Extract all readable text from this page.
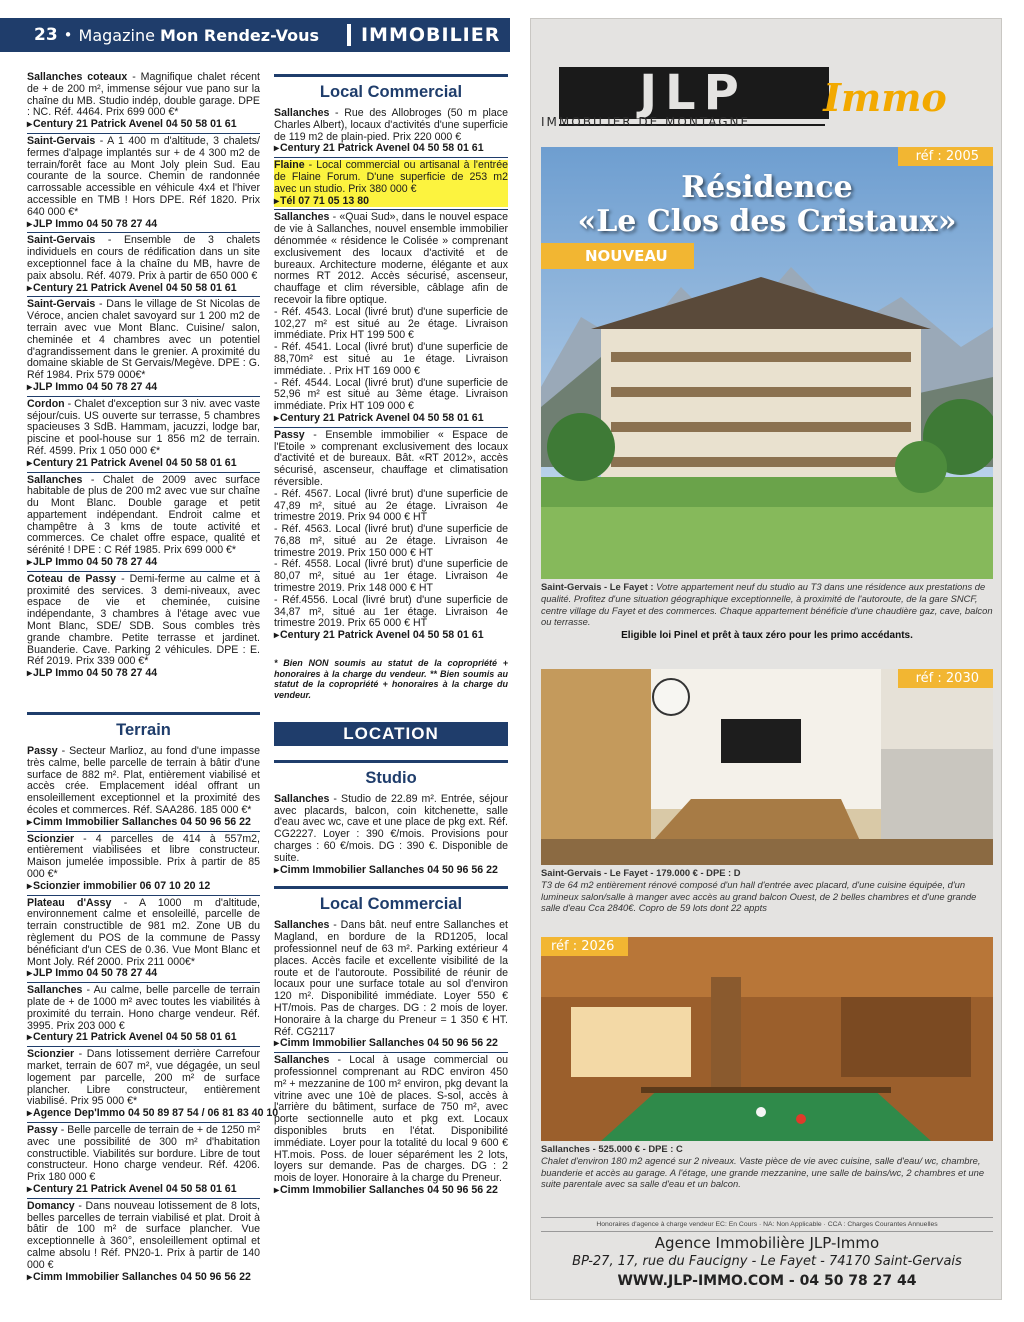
23 • Magazine Mon Rendez-Vous IMMOBILIER
Sallanches coteaux - Magnifique chalet récent de + de 200 m², immense séjour vue pano sur la chaîne du MB. Studio indép, double garage. DPE : NC. Réf. 4464. Prix 699 000 €*
▸ Century 21 Patrick Avenel 04 50 58 01 61
Saint-Gervais - A 1 400 m d'altitude, 3 chalets/ fermes d'alpage implantés sur + de 4 300 m2 de terrain/forêt face au Mont Joly plein Sud. Eau courante de la source. Chemin de randonnée carrossable accessible en véhicule 4x4 et l'hiver accessible en TMB ! Hors DPE. Réf 1820. Prix 640 000 €*
▸ JLP Immo 04 50 78 27 44
Saint-Gervais - Ensemble de 3 chalets individuels en cours de rédification dans un site exceptionnel face à la chaîne du MB, havre de paix absolu. Réf. 4079. Prix à partir de 650 000 €
▸ Century 21 Patrick Avenel 04 50 58 01 61
Saint-Gervais - Dans le village de St Nicolas de Véroce, ancien chalet savoyard sur 1 200 m2 de terrain avec vue Mont Blanc. Cuisine/ salon, cheminée et 4 chambres avec un potentiel d'agrandissement dans le grenier. A proximité du domaine skiable de St Gervais/Megève. DPE : G. Réf 1984. Prix 579 000€*
▸ JLP Immo 04 50 78 27 44
Cordon - Chalet d'exception sur 3 niv. avec vaste séjour/cuis. US ouverte sur terrasse, 5 chambres spacieuses 3 SdB. Hammam, jacuzzi, lodge bar, piscine et pool-house sur 1 856 m2 de terrain. Réf. 4599. Prix 1 050 000 €*
▸ Century 21 Patrick Avenel 04 50 58 01 61
Sallanches - Chalet de 2009 avec surface habitable de plus de 200 m2 avec vue sur chaîne du Mont Blanc. Double garage et petit appartement indépendant. Endroit calme et champêtre à 3 kms de toute activité et commerces. Ce chalet offre espace, qualité et sérénité ! DPE : C Réf 1985. Prix 699 000 €*
▸ JLP Immo 04 50 78 27 44
Coteau de Passy - Demi-ferme au calme et à proximité des services. 3 demi-niveaux, avec espace de vie et cheminée, cuisine indépendante, 3 chambres à l'étage avec vue Mont Blanc, SDE/ SDB. Sous combles très grande chambre. Petite terrasse et jardinet. Buanderie. Cave. Parking 2 véhicules. DPE : E. Réf 2019. Prix 339 000 €*
▸ JLP Immo 04 50 78 27 44
Terrain
Passy - Secteur Marlioz, au fond d'une impasse très calme, belle parcelle de terrain à bâtir d'une surface de 882 m². Plat, entièrement viabilisé et accès crée. Emplacement idéal offrant un ensoleillement exceptionnel et la proximité des écoles et commerces. Réf. SAA286. 185 000 €*
▸ Cimm Immobilier Sallanches 04 50 96 56 22
Scionzier - 4 parcelles de 414 à 557m2, entièrement viabilisées et libre constructeur. Maison jumelée impossible. Prix à partir de 85 000 €*
▸ Scionzier immobilier 06 07 10 20 12
Plateau d'Assy - A 1000 m d'altitude, environnement calme et ensoleillé, parcelle de terrain constructible de 981 m2. Zone UB du règlement du POS de la commune de Passy bénéficiant d'un CES de 0.36. Vue Mont Blanc et Mont Joly. Réf 2000. Prix 211 000€*
▸ JLP Immo 04 50 78 27 44
Sallanches - Au calme, belle parcelle de terrain plate de + de 1000 m² avec toutes les viabilités à proximité du terrain. Hono charge vendeur. Réf. 3995. Prix 203 000 €
▸ Century 21 Patrick Avenel 04 50 58 01 61
Scionzier - Dans lotissement derrière Carrefour market, terrain de 607 m², vue dégagée, un seul logement par parcelle, 200 m² de surface plancher. Libre constructeur, entièrement viabilisé. Prix 95 000 €*
▸ Agence Dep'Immo 04 50 89 87 54 / 06 81 83 40 10
Passy - Belle parcelle de terrain de + de 1250 m² avec une possibilité de 300 m² d'habitation constructible. Viabilités sur bordure. Libre de tout constructeur. Hono charge vendeur. Réf. 4206. Prix 180 000 €
▸ Century 21 Patrick Avenel 04 50 58 01 61
Domancy - Dans nouveau lotissement de 8 lots, belles parcelles de terrain viabilisé et plat. Droit à bâtir de 100 m² de surface plancher. Vue exceptionnelle à 360°, ensoleillement optimal et calme absolu ! Réf. PN20-1. Prix à partir de 140 000 €
▸ Cimm Immobilier Sallanches 04 50 96 56 22
Local Commercial
Sallanches - Rue des Allobroges (50 m place Charles Albert), locaux d'activités d'une superficie de 119 m2 de plain-pied. Prix 220 000 €
▸ Century 21 Patrick Avenel 04 50 58 01 61
Flaine - Local commercial ou artisanal à l'entrée de Flaine Forum. D'une superficie de 253 m2 avec un studio. Prix 380 000 €
▸ Tél 07 71 05 13 80
Sallanches - «Quai Sud», dans le nouvel espace de vie à Sallanches, nouvel ensemble immobilier dénommée « résidence le Colisée » comprenant exclusivement des locaux d'activité et de bureaux. Architecture moderne, élégante et aux normes RT 2012. Accès sécurisé, ascenseur, chauffage et clim réversible, câblage afin de recevoir la fibre optique.
- Réf. 4543. Local (livré brut) d'une superficie de 102,27 m² est situé au 2e étage. Livraison immédiate. Prix HT 199 500 €
- Réf. 4541. Local (livré brut) d'une superficie de 88,70m² est situé au 1e étage. Livraison immédiate. . Prix HT 169 000 €
- Réf. 4544. Local (livré brut) d'une superficie de 52,96 m² est situé au 3ème étage. Livraison immédiate. Prix HT 109 000 €
▸ Century 21 Patrick Avenel 04 50 58 01 61
Passy - Ensemble immobilier « Espace de l'Etoile » comprenant exclusivement des locaux d'activité et de bureaux. Bât. «RT 2012», accès sécurisé, ascenseur, chauffage et climatisation réversible.
- Réf. 4567. Local (livré brut) d'une superficie de 47,89 m², situé au 2e étage. Livraison 4e trimestre 2019. Prix 94 000 € HT
- Réf. 4563. Local (livré brut) d'une superficie de 76,88 m², situé au 2e étage. Livraison 4e trimestre 2019. Prix 150 000 € HT
- Réf. 4558. Local (livré brut) d'une superficie de 80,07 m², situé au 1er étage. Livraison 4e trimestre 2019. Prix 148 000 € HT
- Réf.4556. Local (livré brut) d'une superficie de 34,87 m², situé au 1er étage. Livraison 4e trimestre 2019. Prix 65 000 € HT
▸ Century 21 Patrick Avenel 04 50 58 01 61
* Bien NON soumis au statut de la copropriété + honoraires à la charge du vendeur. ** Bien soumis au statut de la copropriété + honoraires à la charge du vendeur.
LOCATION
Studio
Sallanches - Studio de 22.89 m². Entrée, séjour avec placards, balcon, coin kitchenette, salle d'eau avec wc, cave et une place de pkg ext. Réf. CG2227. Loyer : 390 €/mois. Provisions pour charges : 60 €/mois. DG : 390 €. Disponible de suite.
▸ Cimm Immobilier Sallanches 04 50 96 56 22
Local Commercial
Sallanches - Dans bât. neuf entre Sallanches et Magland, en bordure de la RD1205, local professionnel neuf de 63 m². Parking extérieur 4 places. Accès facile et excellente visibilité de la route et de l'autoroute. Possibilité de réunir de locaux pour une surface totale au sol d'environ 120 m². Disponibilité immédiate. Loyer 550 € HT/mois. Pas de charges. DG : 2 mois de loyer. Honoraire à la charge du Preneur = 1 350 € HT. Réf. CG2117
▸ Cimm Immobilier Sallanches 04 50 96 56 22
Sallanches - Local à usage commercial ou professionnel comprenant au RDC environ 450 m² + mezzanine de 100 m² environ, pkg devant la vitrine avec une 10è de places. S-sol, accès à l'arrière du bâtiment, surface de 750 m², avec porte sectionnelle auto et pkg ext. Locaux disponibles bruts en l'état. Disponibilité immédiate. Loyer pour la totalité du local 9 600 € HT.mois. Poss. de louer séparément les 2 lots, loyers sur demande. Pas de charges. DG : 2 mois de loyer. Honoraire à la charge du Preneur.
▸ Cimm Immobilier Sallanches 04 50 96 56 22
JLP Immo
IMMOBILIER DE MONTAGNE
réf : 2005
Résidence
«Le Clos des Cristaux»
NOUVEAU
Saint-Gervais - Le Fayet : Votre appartement neuf du studio au T3 dans une résidence aux prestations de qualité. Profitez d'une situation géographique exceptionnelle, à proximité de l'autoroute, de la gare SNCF, centre village du Fayet et des commerces. Chaque appartement bénéficie d'une chaudière gaz, cave, balcon ou terrasse.
Eligible loi Pinel et prêt à taux zéro pour les primo accédants.
réf : 2030
Saint-Gervais - Le Fayet - 179.000 € - DPE : D
T3 de 64 m2 entièrement rénové composé d'un hall d'entrée avec placard, d'une cuisine équipée, d'un lumineux salon/salle à manger avec accès au grand balcon Ouest, de 2 belles chambres et d'une grande salle d'eau Cca 2840€. Copro de 59 lots dont 22 appts
réf : 2026
Sallanches - 525.000 € - DPE : C
Chalet d'environ 180 m2 agencé sur 2 niveaux. Vaste pièce de vie avec cuisine, salle d'eau/ wc, chambre, buanderie et accès au garage. A l'étage, une grande mezzanine, une salle de bains/wc, 2 chambres et une suite parentale avec sa salle d'eau et un balcon.
Honoraires d'agence à charge vendeur EC: En Cours · NA: Non Applicable · CCA : Charges Courantes Annuelles
Agence Immobilière JLP-Immo
BP-27, 17, rue du Faucigny - Le Fayet - 74170 Saint-Gervais
WWW.JLP-IMMO.COM - 04 50 78 27 44
